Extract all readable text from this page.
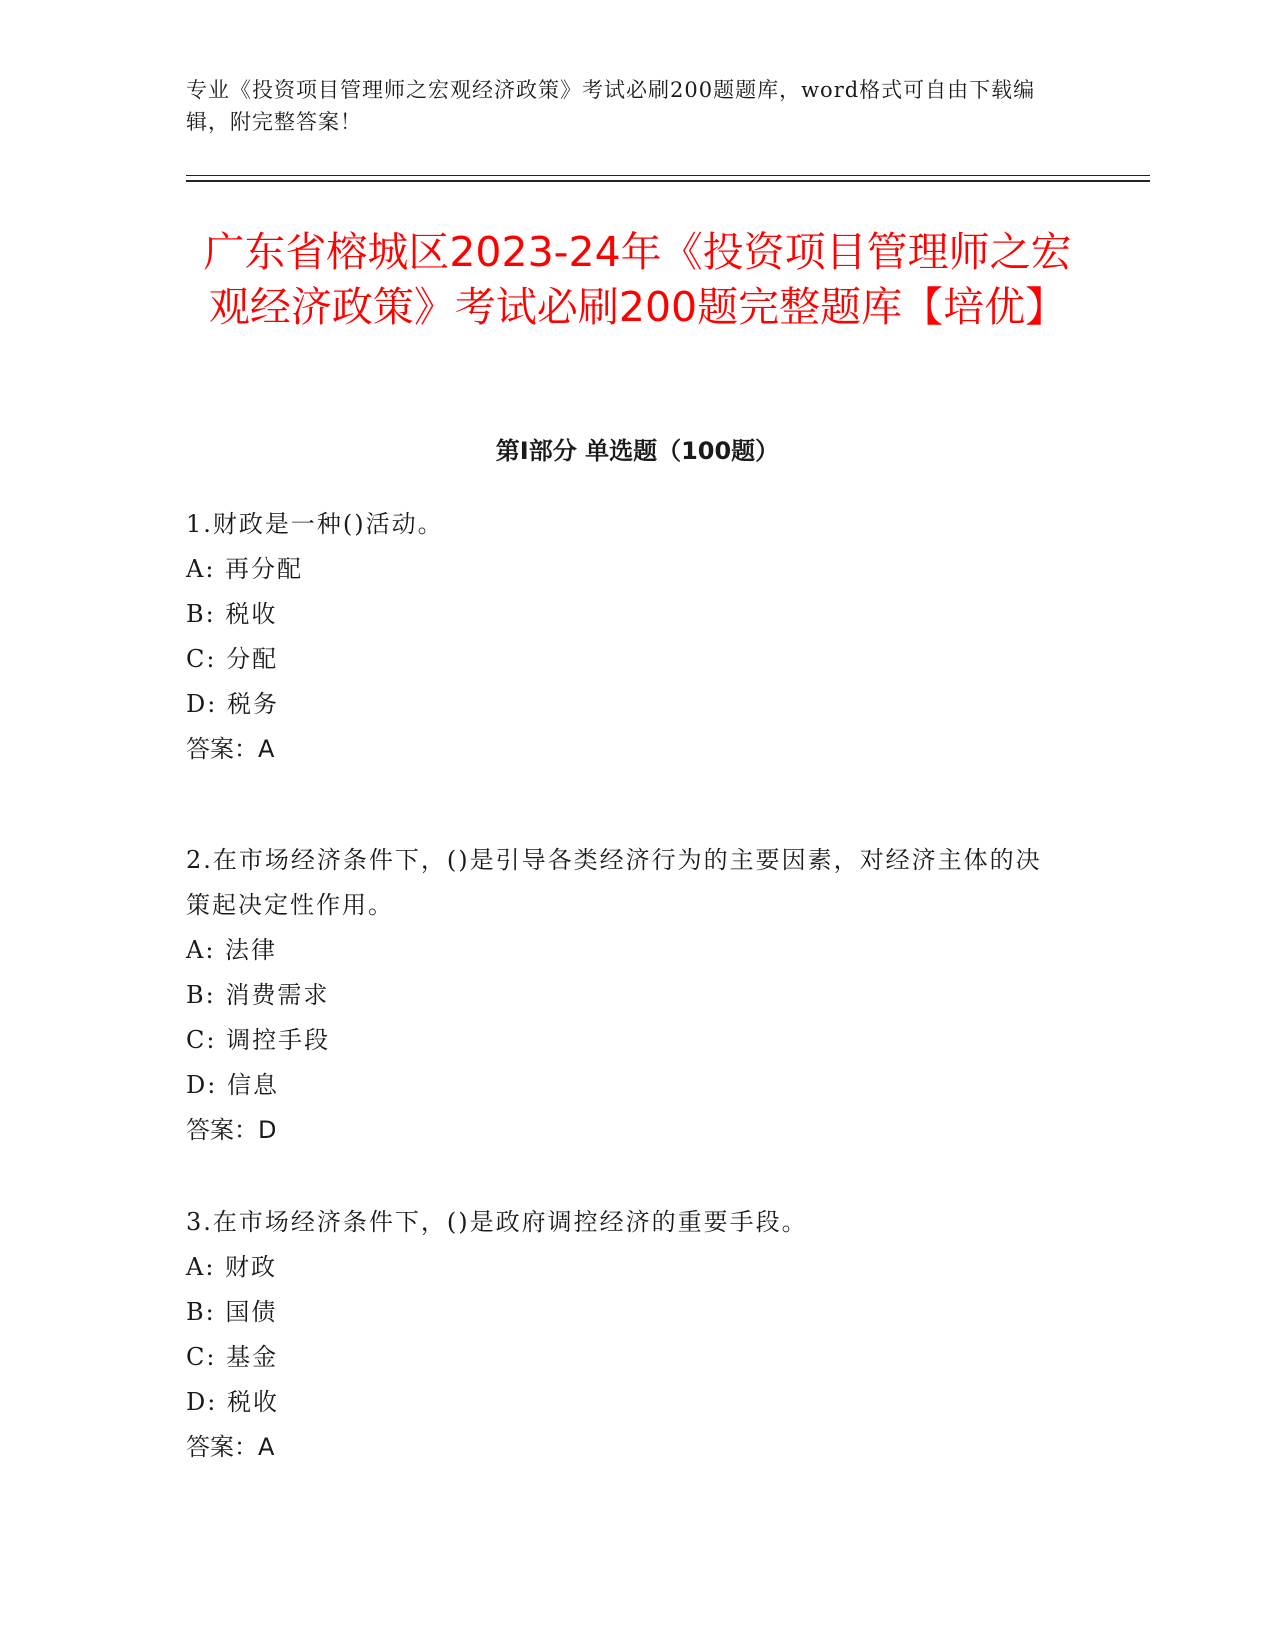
专业《投资项目管理师之宏观经济政策》考试必刷200题题库，word格式可自由下载编辑，附完整答案！
广东省榕城区2023-24年《投资项目管理师之宏观经济政策》考试必刷200题完整题库【培优】
第I部分 单选题（100题）

1.财政是一种()活动。

A: 再分配

B: 税收

C: 分配

D: 税务

答案：A

2.在市场经济条件下，()是引导各类经济行为的主要因素，对经济主体的决策起决定性作用。

A: 法律

B: 消费需求

C: 调控手段

D: 信息

答案：D

3.在市场经济条件下，()是政府调控经济的重要手段。

A: 财政

B: 国债

C: 基金

D: 税收

答案：A
